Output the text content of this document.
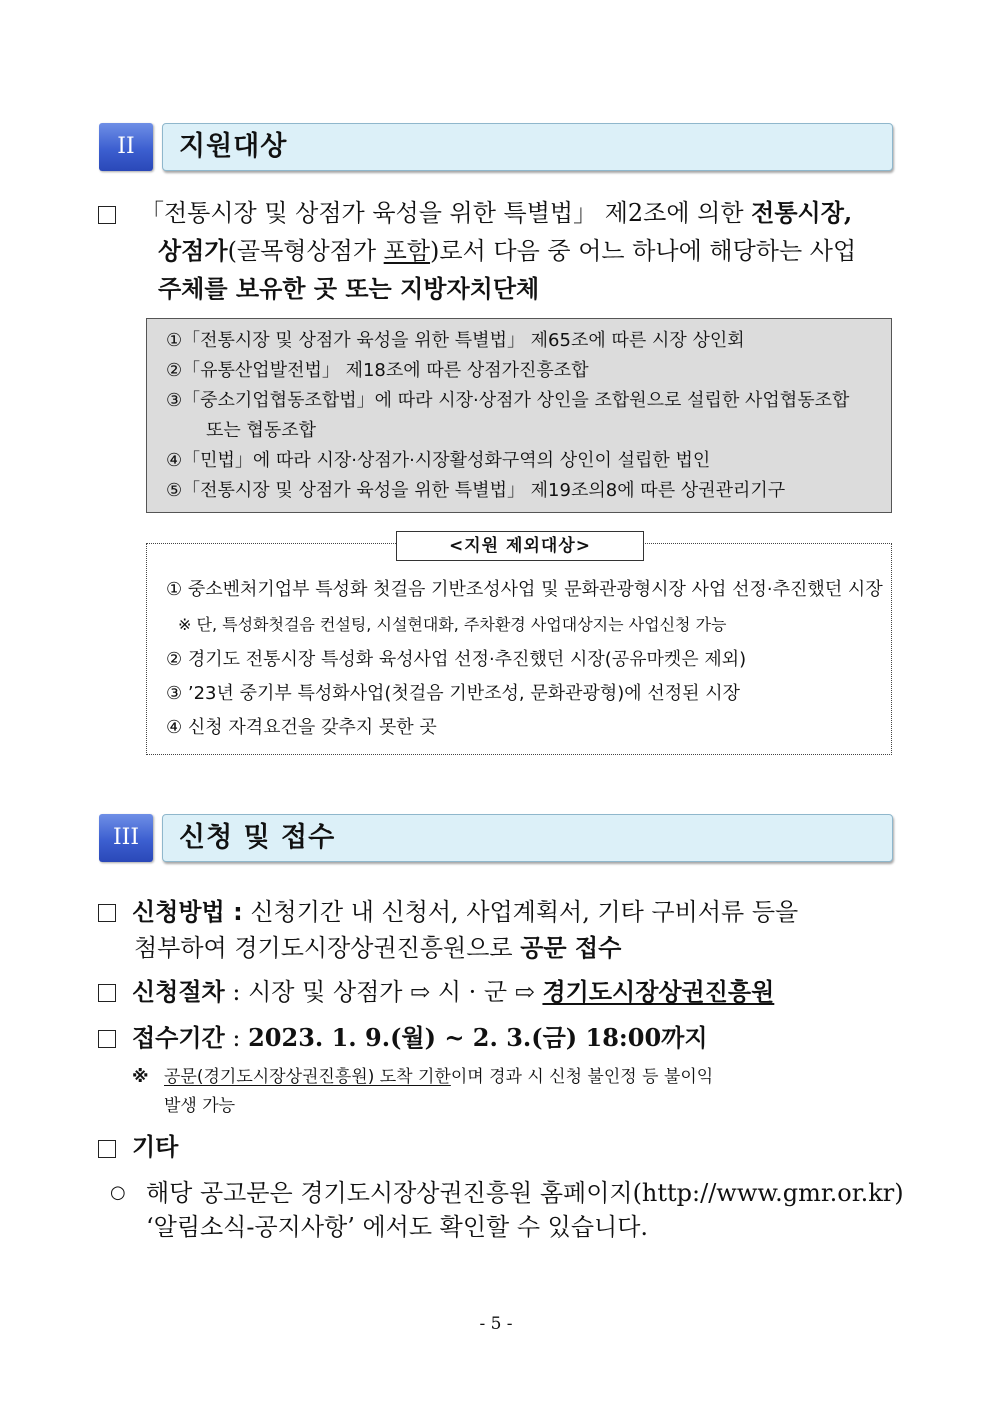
II	지원대상
「전통시장 및 상점가 육성을 위한 특별법」 제2조에 의한 전통시장,
상점가(골목형상점가 포함)로서 다음 중 어느 하나에 해당하는 사업
주체를 보유한 곳 또는 지방자치단체
①「전통시장 및 상점가 육성을 위한 특별법」 제65조에 따른 시장 상인회
②「유통산업발전법」 제18조에 따른 상점가진흥조합
③「중소기업협동조합법」에 따라 시장·상점가 상인을 조합원으로 설립한 사업협동조합
또는 협동조합
④「민법」에 따라 시장·상점가·시장활성화구역의 상인이 설립한 법인
⑤「전통시장 및 상점가 육성을 위한 특별법」 제19조의8에 따른 상권관리기구
<지원 제외대상>
① 중소벤처기업부 특성화 첫걸음 기반조성사업 및 문화관광형시장 사업 선정·추진했던 시장
※ 단, 특성화첫걸음 컨설팅, 시설현대화, 주차환경 사업대상지는 사업신청 가능
② 경기도 전통시장 특성화 육성사업 선정·추진했던 시장(공유마켓은 제외)
③ ’23년 중기부 특성화사업(첫걸음 기반조성, 문화관광형)에 선정된 시장
④ 신청 자격요건을 갖추지 못한 곳
III	신청 및 접수
신청방법 : 신청기간 내 신청서, 사업계획서, 기타 구비서류 등을
첨부하여 경기도시장상권진흥원으로 공문 접수
신청절차 : 시장 및 상점가 ⇨ 시 · 군 ⇨ 경기도시장상권진흥원
접수기간 : 2023. 1. 9.(월) ~ 2. 3.(금) 18:00까지
※ 공문(경기도시장상권진흥원) 도착 기한이며 경과 시 신청 불인정 등 불이익
발생 가능
기타
○ 해당 공고문은 경기도시장상권진흥원 홈페이지(http://www.gmr.or.kr)
‘알림소식-공지사항’ 에서도 확인할 수 있습니다.
- 5 -
